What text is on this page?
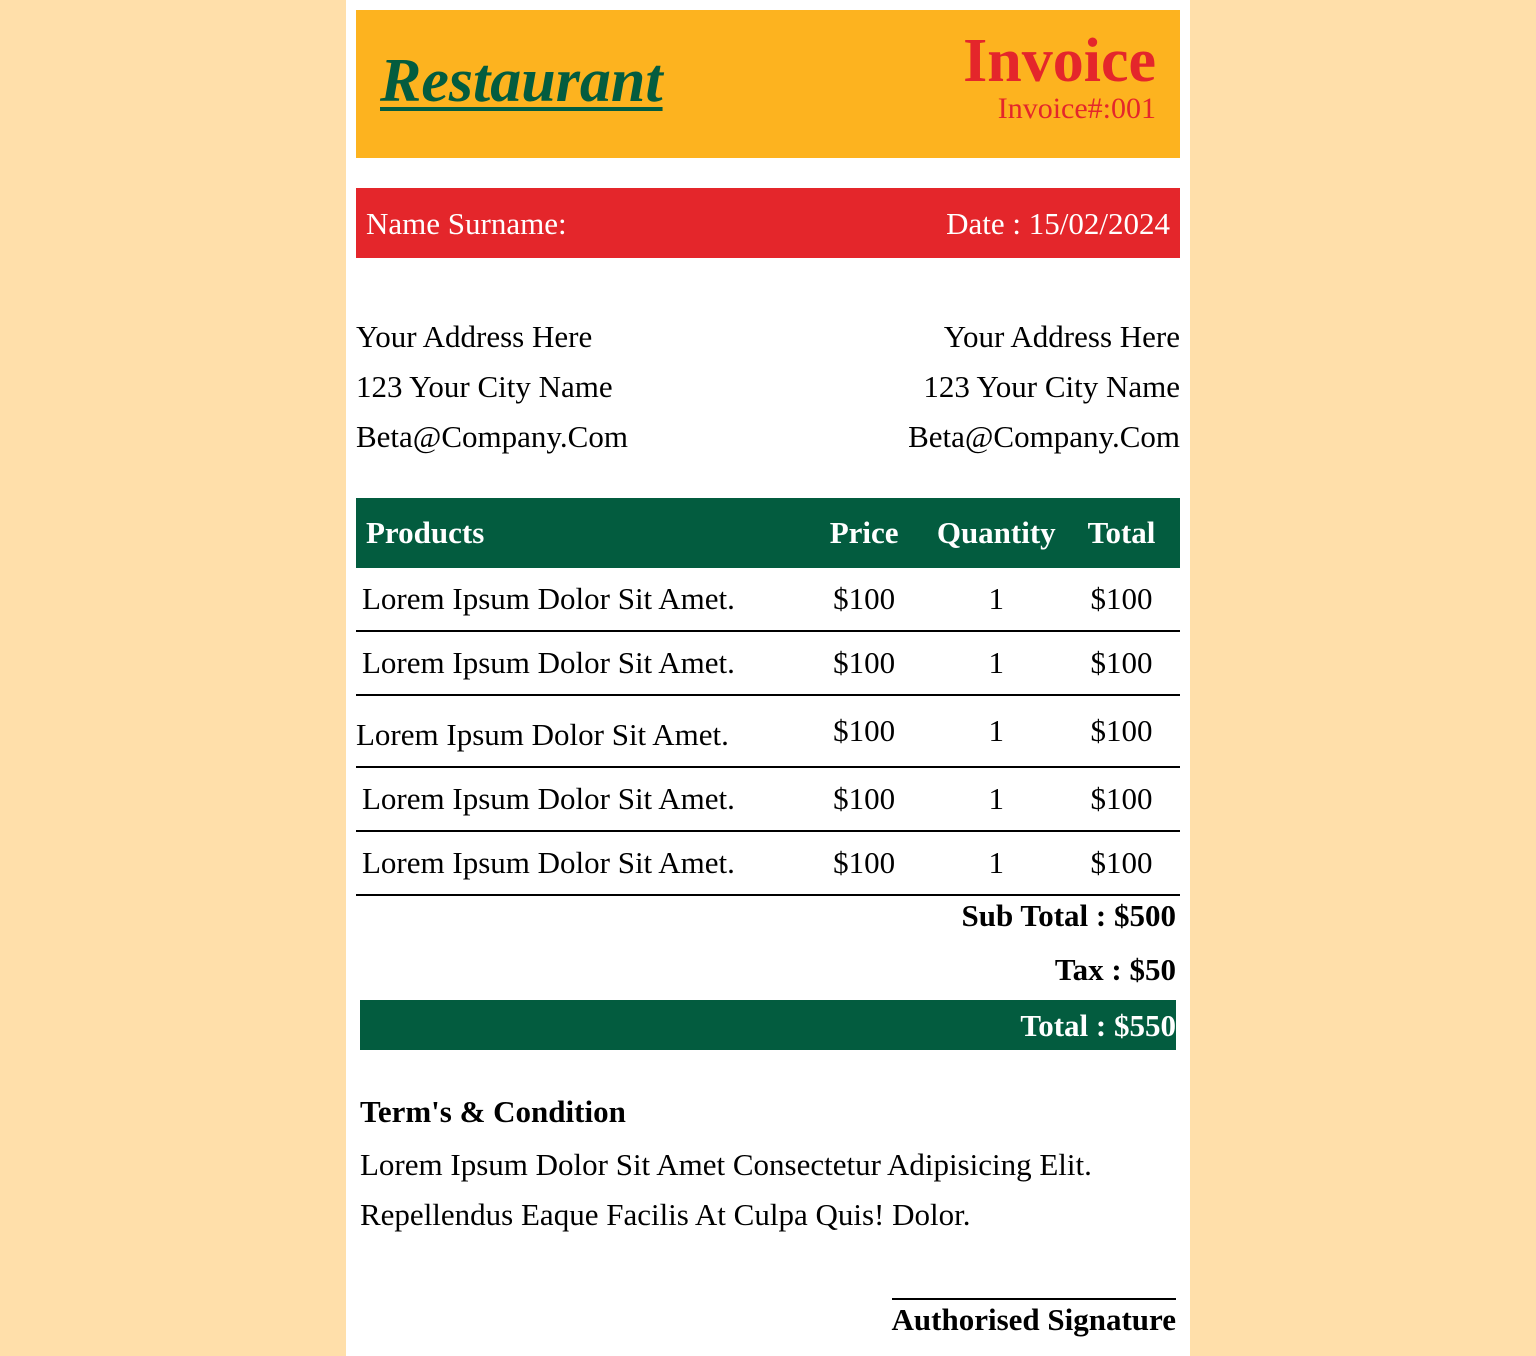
Restaurant	Invoice
Invoice#:001
Name Surname:	Date : 15/02/2024
Your Address Here
123 Your City Name
Beta@Company.Com
Your Address Here
123 Your City Name
Beta@Company.Com
Products	Price	Quantity	Total
Lorem Ipsum Dolor Sit Amet.	$100	1	$100
Lorem Ipsum Dolor Sit Amet.	$100	1	$100
Lorem Ipsum Dolor Sit Amet.	$100	1	$100
Lorem Ipsum Dolor Sit Amet.	$100	1	$100
Lorem Ipsum Dolor Sit Amet.	$100	1	$100
Sub Total : $500
Tax : $50
Total : $550
Term's & Condition
Lorem Ipsum Dolor Sit Amet Consectetur Adipisicing Elit.
Repellendus Eaque Facilis At Culpa Quis! Dolor.
Authorised Signature
